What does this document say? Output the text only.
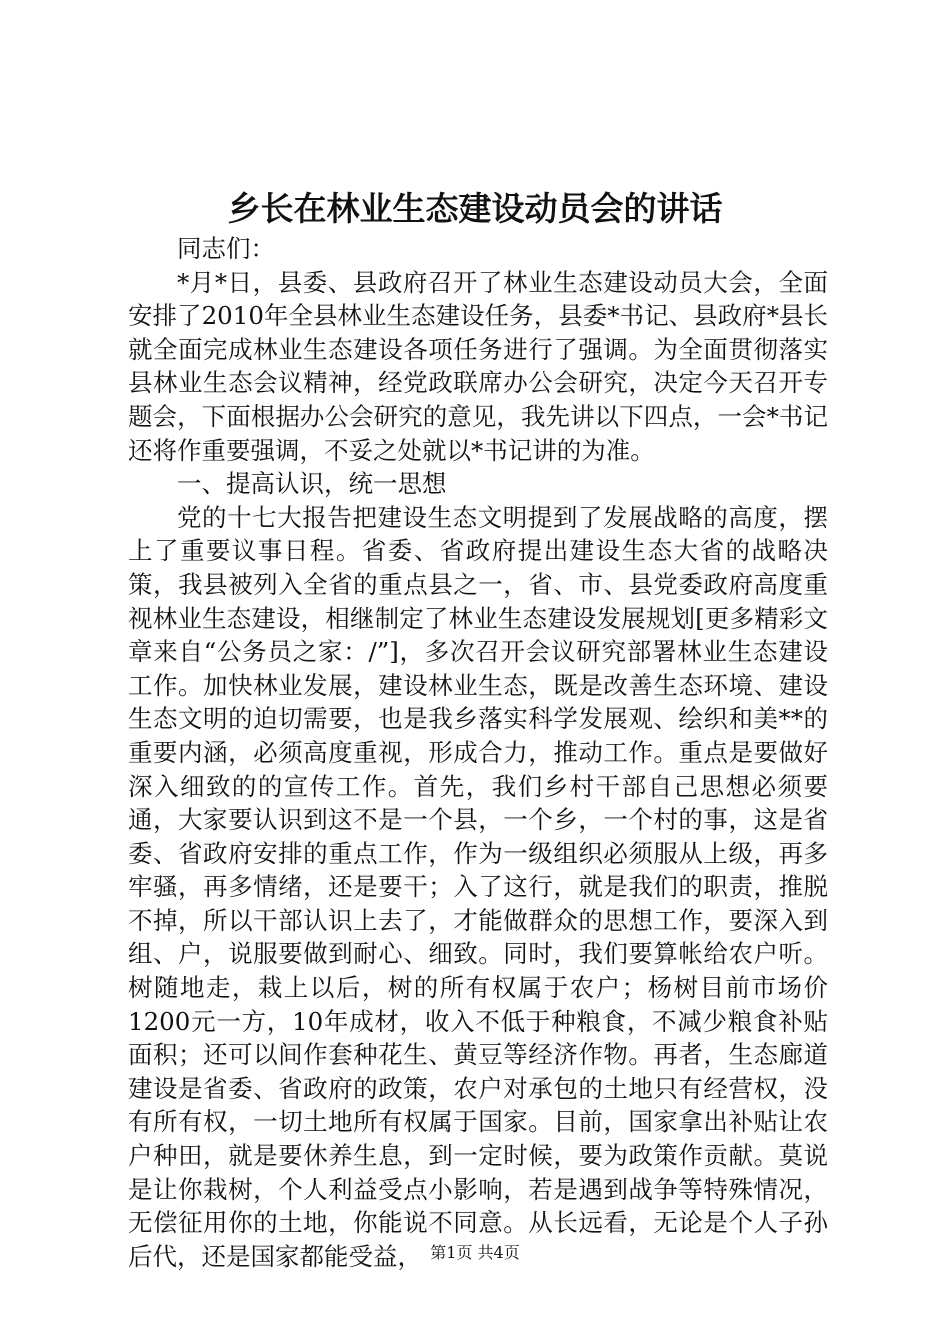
乡长在林业生态建设动员会的讲话

同志们：

*月*日，县委、县政府召开了林业生态建设动员大会，全面安排了2010年全县林业生态建设任务，县委*书记、县政府*县长就全面完成林业生态建设各项任务进行了强调。为全面贯彻落实县林业生态会议精神，经党政联席办公会研究，决定今天召开专题会，下面根据办公会研究的意见，我先讲以下四点，一会*书记还将作重要强调，不妥之处就以*书记讲的为准。

一、提高认识，统一思想

党的十七大报告把建设生态文明提到了发展战略的高度，摆上了重要议事日程。省委、省政府提出建设生态大省的战略决策，我县被列入全省的重点县之一，省、市、县党委政府高度重视林业生态建设，相继制定了林业生态建设发展规划[更多精彩文章来自“公务员之家：/”]，多次召开会议研究部署林业生态建设工作。加快林业发展，建设林业生态，既是改善生态环境、建设生态文明的迫切需要，也是我乡落实科学发展观、绘织和美**的重要内涵，必须高度重视，形成合力，推动工作。重点是要做好深入细致的的宣传工作。首先，我们乡村干部自己思想必须要通，大家要认识到这不是一个县，一个乡，一个村的事，这是省委、省政府安排的重点工作，作为一级组织必须服从上级，再多牢骚，再多情绪，还是要干；入了这行，就是我们的职责，推脱不掉，所以干部认识上去了，才能做群众的思想工作，要深入到组、户，说服要做到耐心、细致。同时，我们要算帐给农户听。树随地走，栽上以后，树的所有权属于农户；杨树目前市场价1200元一方，10年成材，收入不低于种粮食，不减少粮食补贴面积；还可以间作套种花生、黄豆等经济作物。再者，生态廊道建设是省委、省政府的政策，农户对承包的土地只有经营权，没有所有权，一切土地所有权属于国家。目前，国家拿出补贴让农户种田，就是要休养生息，到一定时候，要为政策作贡献。莫说是让你栽树，个人利益受点小影响，若是遇到战争等特殊情况，无偿征用你的土地，你能说不同意。从长远看，无论是个人子孙后代，还是国家都能受益， 第1页 共4页
